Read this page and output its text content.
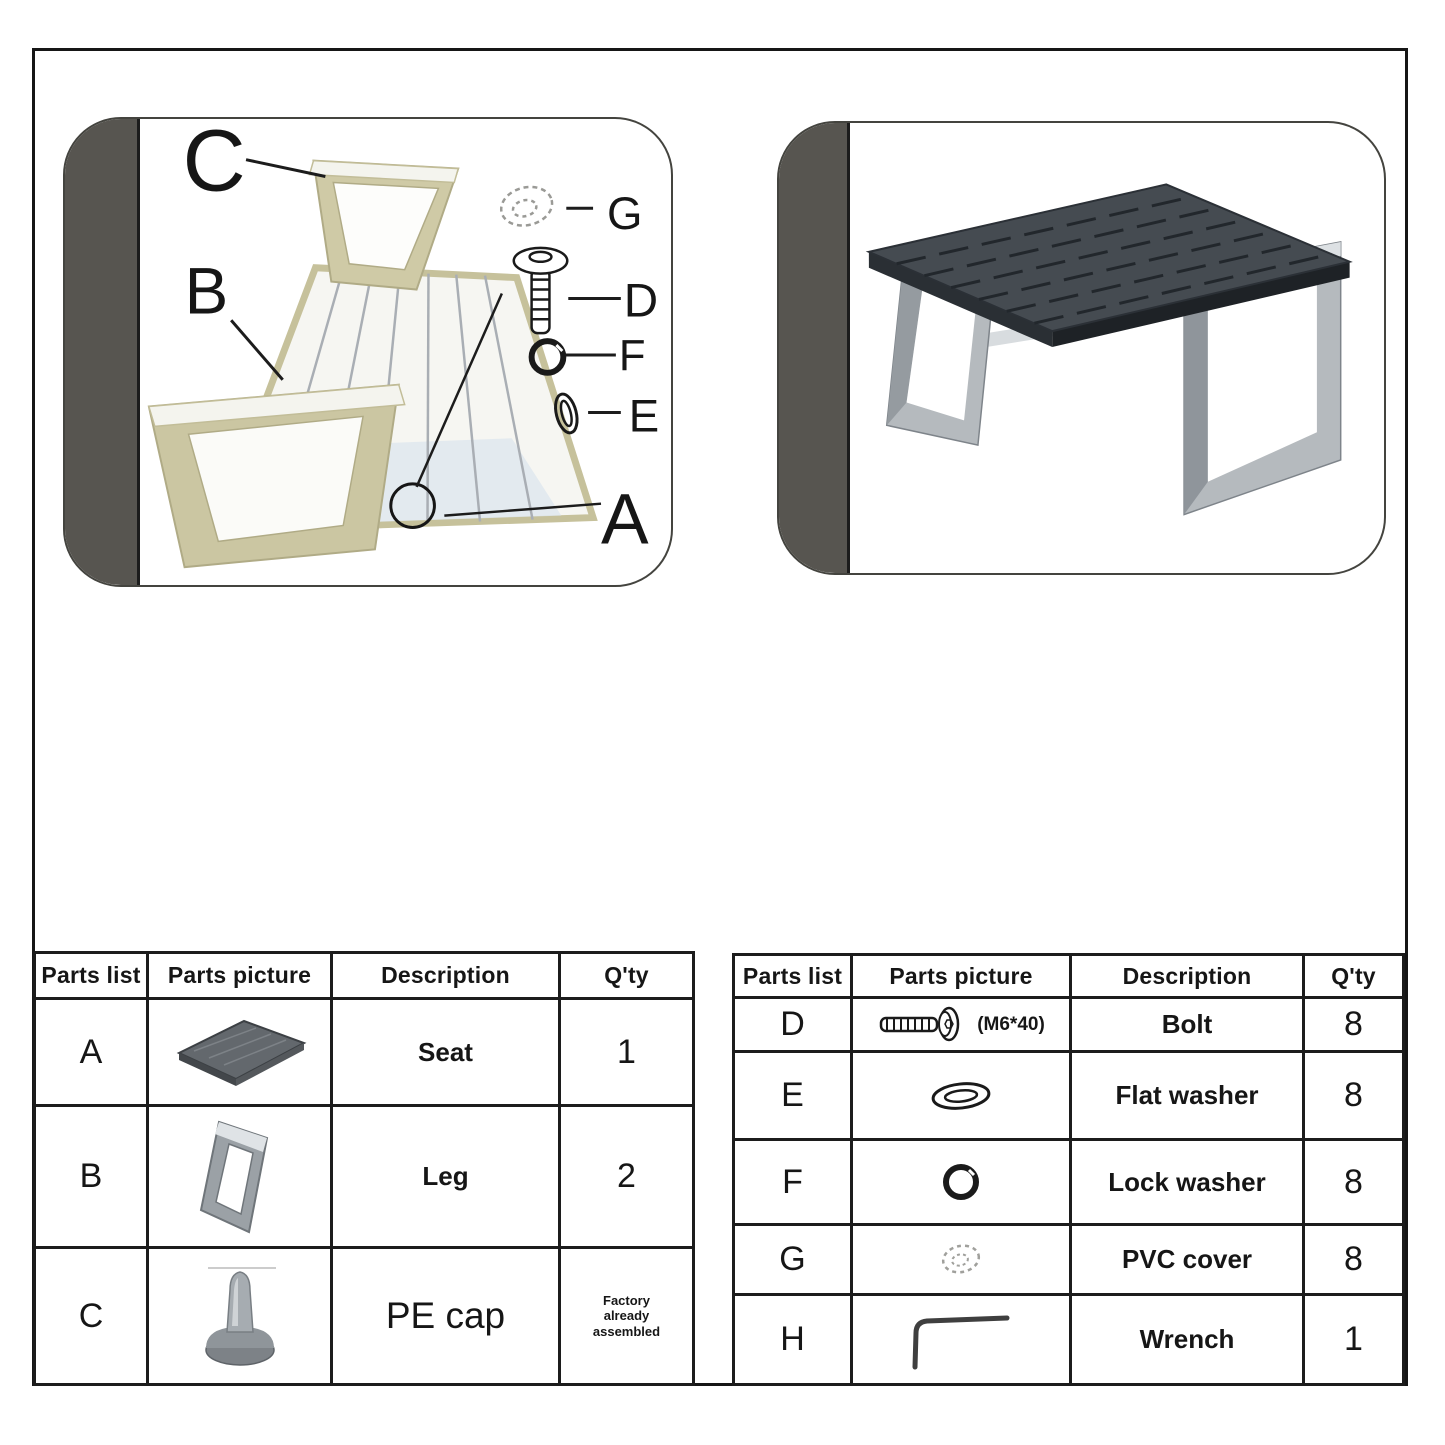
C
B
A
G
D
F
E
Parts list	Parts picture	Description	Q'ty
A	Seat	1
B	Leg	2
C	PE cap	Factory already assembled
Parts list	Parts picture	Description	Q'ty
D	(M6*40)	Bolt	8
E	Flat washer	8
F	Lock washer	8
G	PVC cover	8
H	Wrench	1
